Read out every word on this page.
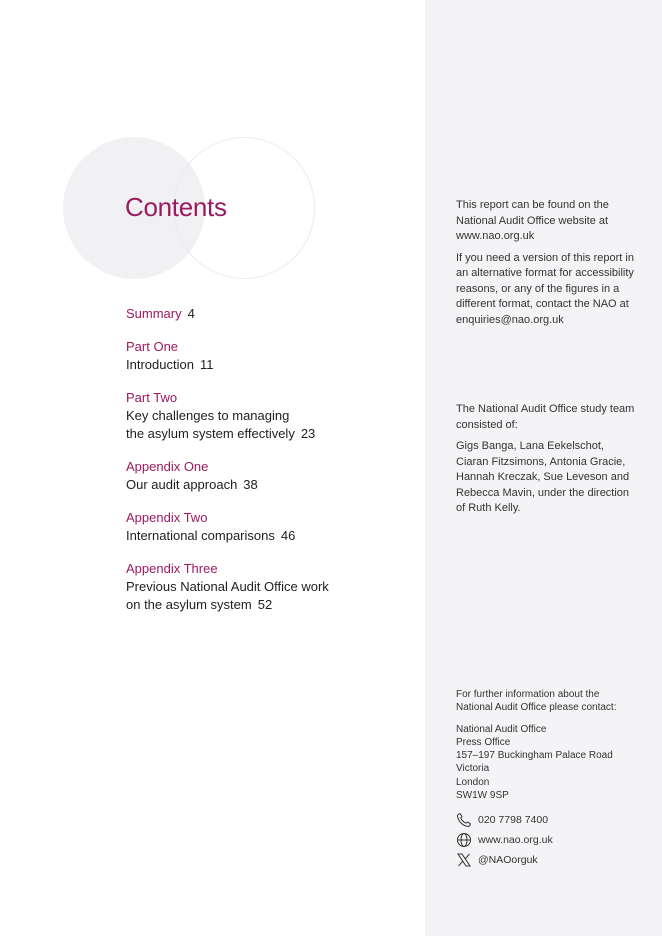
Contents
Summary 4
Part One
Introduction 11
Part Two
Key challenges to managing
the asylum system effectively 23
Appendix One
Our audit approach 38
Appendix Two
International comparisons 46
Appendix Three
Previous National Audit Office work
on the asylum system 52

This report can be found on the National Audit Office website at www.nao.org.uk

If you need a version of this report in an alternative format for accessibility reasons, or any of the figures in a different format, contact the NAO at enquiries@nao.org.uk

The National Audit Office study team consisted of:

Gigs Banga, Lana Eekelschot, Ciaran Fitzsimons, Antonia Gracie, Hannah Kreczak, Sue Leveson and Rebecca Mavin, under the direction of Ruth Kelly.

For further information about the National Audit Office please contact:

National Audit Office
Press Office
157–197 Buckingham Palace Road
Victoria
London
SW1W 9SP

020 7798 7400
www.nao.org.uk
@NAOorguk
